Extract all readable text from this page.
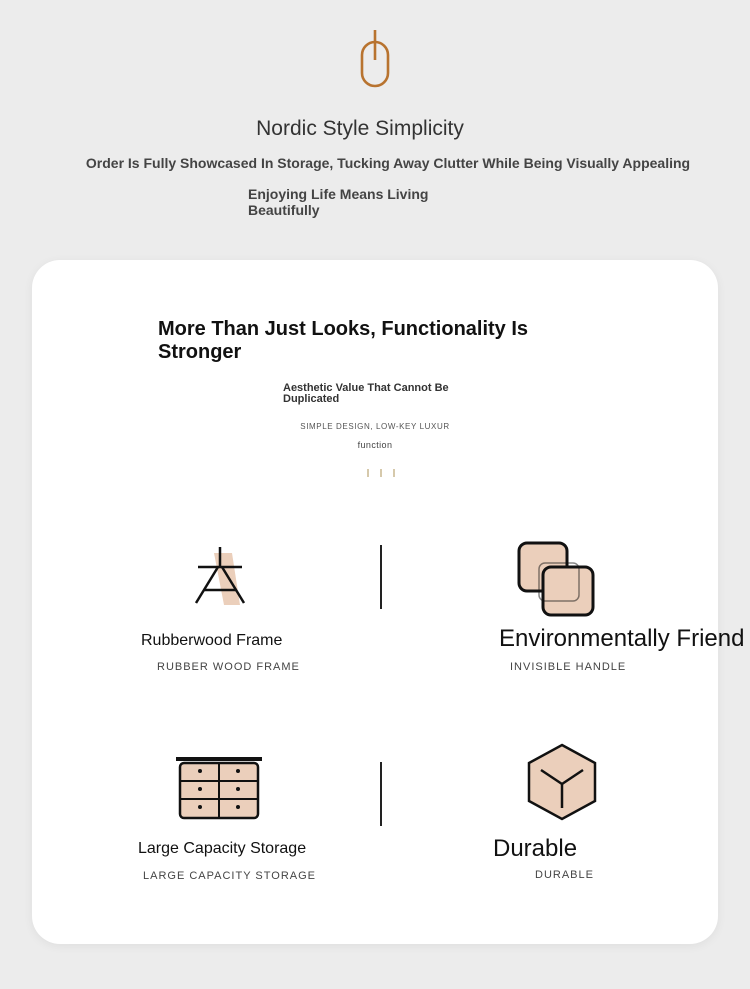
Nordic Style Simplicity
Order Is Fully Showcased In Storage, Tucking Away Clutter While Being Visually Appealing
Enjoying Life Means Living Beautifully
More Than Just Looks, Functionality Is Stronger
Aesthetic Value That Cannot Be Duplicated
SIMPLE DESIGN, LOW-KEY LUXUR
function
Rubberwood Frame
RUBBER WOOD FRAME
Environmentally Friend
INVISIBLE HANDLE
Large Capacity Storage
LARGE CAPACITY STORAGE
Durable
DURABLE
